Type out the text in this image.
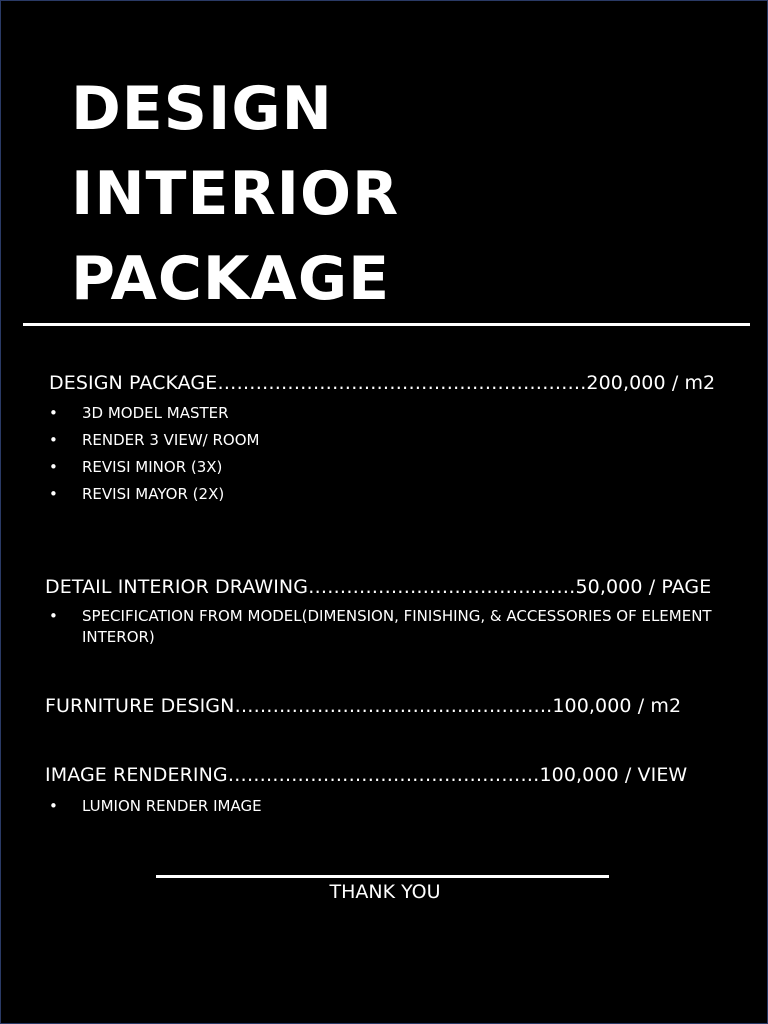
DESIGN
INTERIOR
PACKAGE
DESIGN PACKAGE………………………………………………….200,000 / m2
• 3D MODEL MASTER
• RENDER 3 VIEW/ ROOM
• REVISI MINOR (3X)
• REVISI MAYOR (2X)
DETAIL INTERIOR DRAWING……………………………………50,000 / PAGE
• SPECIFICATION FROM MODEL(DIMENSION, FINISHING, & ACCESSORIES OF ELEMENT INTEROR)
FURNITURE DESIGN……….………………………………….100,000 / m2
IMAGE RENDERING……….…………………………………100,000 / VIEW
• LUMION RENDER IMAGE
THANK YOU
